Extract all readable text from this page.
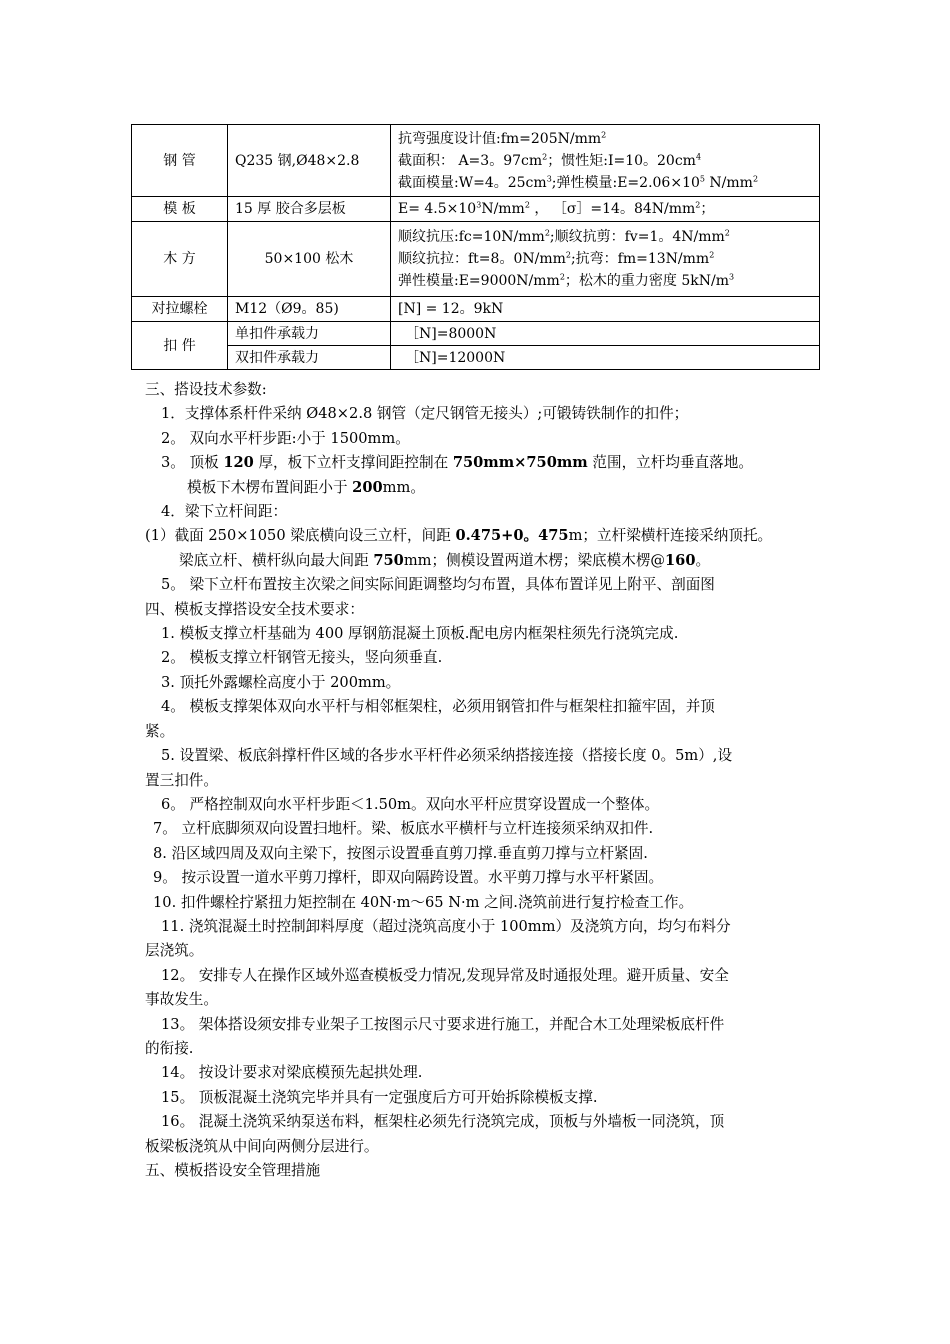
钢 管	Q235 钢,Ø48×2.8	抗弯强度设计值$:fm=205N/mm^2$
截面积： A=3。$97cm^2$；惯性矩:I=10。$20cm^4$
截面模量:W=4。$25cm^3$;弹性模量$:E=2.06\times 10^5$ $N/mm^2$

模 板	15 厚 胶合多层板	$E= 4.5\times 10^3N/mm^2$ ， ［σ］=14。$84N/mm^2$；

木 方	50×100 松木	顺纹抗压$:fc=10N/mm^2$;顺纹抗剪：fv=1。$4N/mm^2$
顺纹抗拉：ft=8。$0N/mm^2$;抗弯：$fm=13N/mm^2$
弹性模量$:E=9000N/mm^2$；松木的重力密度 $5kN/m^3$

对拉螺栓	M12（Ø9。85)	[N] = 12。9kN

扣 件	单扣件承载力	［N]=8000N
	双扣件承载力	［N]=12000N

三、搭设技术参数:

1．支撑体系杆件采纳 Ø48×2.8 钢管（定尺钢管无接头）;可锻铸铁制作的扣件；

2。 双向水平杆步距:小于 1500mm。

3。 顶板 120 厚，板下立杆支撑间距控制在 750mm×750mm 范围，立杆均垂直落地。

模板下木楞布置间距小于 200mm。

4．梁下立杆间距：

(1）截面 250×1050 梁底横向设三立杆，间距 0.475+0。475m；立杆梁横杆连接采纳顶托。

梁底立杆、横杆纵向最大间距 750mm；侧模设置两道木楞；梁底模木楞@160。

5。 梁下立杆布置按主次梁之间实际间距调整均匀布置，具体布置详见上附平、剖面图

四、模板支撑搭设安全技术要求：

1. 模板支撑立杆基础为 400 厚钢筋混凝土顶板.配电房内框架柱须先行浇筑完成.

2。 模板支撑立杆钢管无接头，竖向须垂直.

3. 顶托外露螺栓高度小于 200mm。

4。 模板支撑架体双向水平杆与相邻框架柱，必须用钢管扣件与框架柱扣箍牢固，并顶

紧。

5. 设置梁、板底斜撑杆件区域的各步水平杆件必须采纳搭接连接（搭接长度 0。5m）,设

置三扣件。

6。 严格控制双向水平杆步距＜1.50m。双向水平杆应贯穿设置成一个整体。

7。 立杆底脚须双向设置扫地杆。梁、板底水平横杆与立杆连接须采纳双扣件.

8. 沿区域四周及双向主梁下，按图示设置垂直剪刀撑.垂直剪刀撑与立杆紧固.

9。 按示设置一道水平剪刀撑杆，即双向隔跨设置。水平剪刀撑与水平杆紧固。

10. 扣件螺栓拧紧扭力矩控制在 40N·m～65 N·m 之间.浇筑前进行复拧检查工作。

11. 浇筑混凝土时控制卸料厚度（超过浇筑高度小于 100mm）及浇筑方向，均匀布料分

层浇筑。

12。 安排专人在操作区域外巡查模板受力情况,发现异常及时通报处理。避开质量、安全

事故发生。

13。 架体搭设须安排专业架子工按图示尺寸要求进行施工，并配合木工处理梁板底杆件

的衔接.

14。 按设计要求对梁底模预先起拱处理.

15。 顶板混凝土浇筑完毕并具有一定强度后方可开始拆除模板支撑.

16。 混凝土浇筑采纳泵送布料，框架柱必须先行浇筑完成，顶板与外墙板一同浇筑，顶

板梁板浇筑从中间向两侧分层进行。

五、模板搭设安全管理措施
